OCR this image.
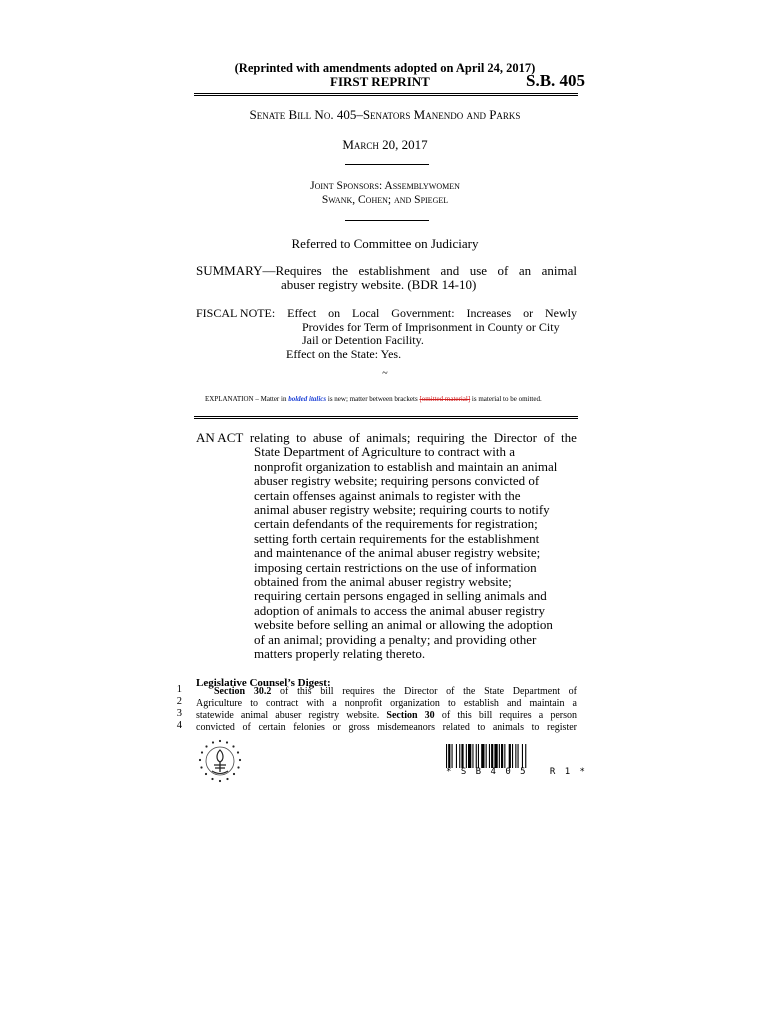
(Reprinted with amendments adopted on April 24, 2017)
FIRST REPRINT	S.B. 405
Senate Bill No. 405–Senators Manendo and Parks
March 20, 2017
Joint Sponsors: Assemblywomen
Swank, Cohen; and Spiegel
Referred to Committee on Judiciary
SUMMARY—Requires the establishment and use of an animal
abuser registry website. (BDR 14-10)
FISCAL NOTE: Effect on Local Government: Increases or Newly
Provides for Term of Imprisonment in County or City
Jail or Detention Facility.
Effect on the State: Yes.
~
EXPLANATION – Matter in bolded italics is new; matter between brackets [omitted material] is material to be omitted.
AN ACT relating to abuse of animals; requiring the Director of the
State Department of Agriculture to contract with a
nonprofit organization to establish and maintain an animal
abuser registry website; requiring persons convicted of
certain offenses against animals to register with the
animal abuser registry website; requiring courts to notify
certain defendants of the requirements for registration;
setting forth certain requirements for the establishment
and maintenance of the animal abuser registry website;
imposing certain restrictions on the use of information
obtained from the animal abuser registry website;
requiring certain persons engaged in selling animals and
adoption of animals to access the animal abuser registry
website before selling an animal or allowing the adoption
of an animal; providing a penalty; and providing other
matters properly relating thereto.
Legislative Counsel’s Digest:
1
2
3
4
Section 30.2 of this bill requires the Director of the State Department of
Agriculture to contract with a nonprofit organization to establish and maintain a
statewide animal abuser registry website. Section 30 of this bill requires a person
convicted of certain felonies or gross misdemeanors related to animals to register
* S B 4 0 5   R 1 *
